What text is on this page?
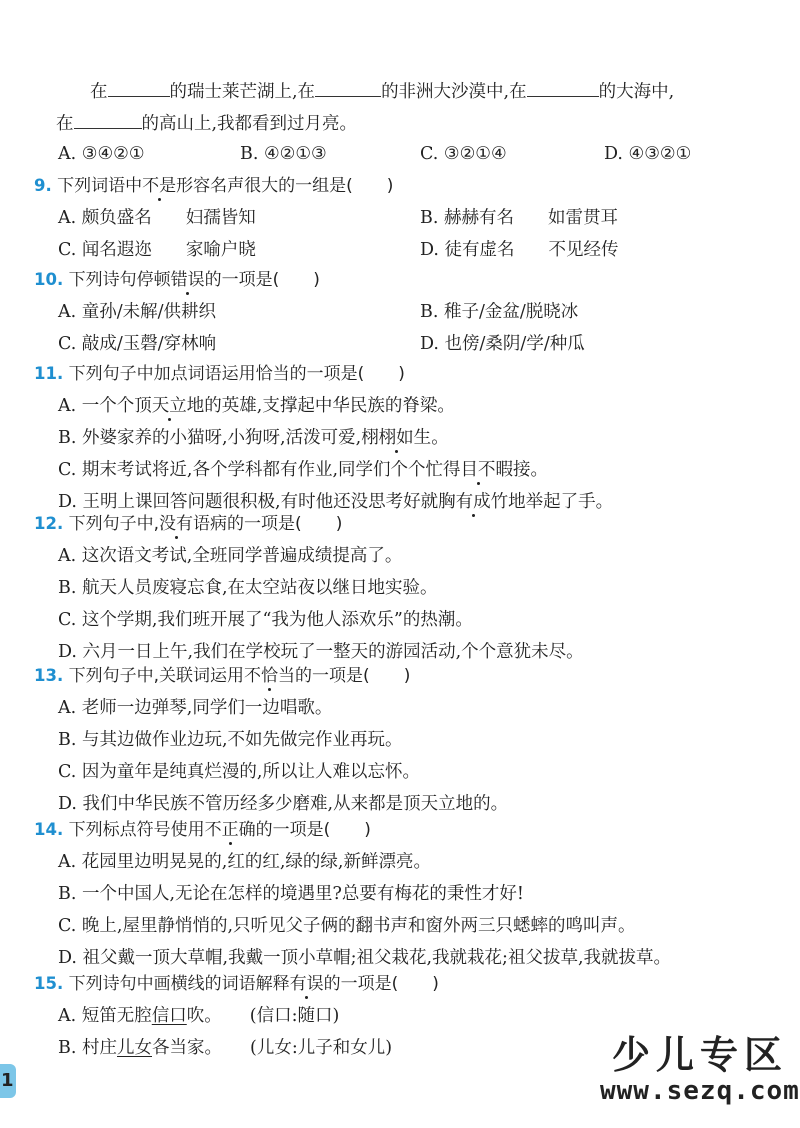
在	的瑞士莱芒湖上,在	的非洲大沙漠中,在	的大海中,
在	的高山上,我都看到过月亮。
A. ③④②①	B. ④②①③	C. ③②①④	D. ④③②①
9. 下列词语中不是形容名声很大的一组是( )
A. 颇负盛名 妇孺皆知	B. 赫赫有名 如雷贯耳
C. 闻名遐迩 家喻户晓	D. 徒有虚名 不见经传
10. 下列诗句停顿错误的一项是( )
A. 童孙/未解/供耕织	B. 稚子/金盆/脱晓冰
C. 敲成/玉磬/穿林响	D. 也傍/桑阴/学/种瓜
11. 下列句子中加点词语运用恰当的一项是( )
A. 一个个顶天立地的英雄,支撑起中华民族的脊梁。
B. 外婆家养的小猫呀,小狗呀,活泼可爱,栩栩如生。
C. 期末考试将近,各个学科都有作业,同学们个个忙得目不暇接。
D. 王明上课回答问题很积极,有时他还没思考好就胸有成竹地举起了手。
12. 下列句子中,没有语病的一项是( )
A. 这次语文考试,全班同学普遍成绩提高了。
B. 航天人员废寝忘食,在太空站夜以继日地实验。
C. 这个学期,我们班开展了“我为他人添欢乐”的热潮。
D. 六月一日上午,我们在学校玩了一整天的游园活动,个个意犹未尽。
13. 下列句子中,关联词运用不恰当的一项是( )
A. 老师一边弹琴,同学们一边唱歌。
B. 与其边做作业边玩,不如先做完作业再玩。
C. 因为童年是纯真烂漫的,所以让人难以忘怀。
D. 我们中华民族不管历经多少磨难,从来都是顶天立地的。
14. 下列标点符号使用不正确的一项是( )
A. 花园里边明晃晃的,红的红,绿的绿,新鲜漂亮。
B. 一个中国人,无论在怎样的境遇里?总要有梅花的秉性才好!
C. 晚上,屋里静悄悄的,只听见父子俩的翻书声和窗外两三只蟋蟀的鸣叫声。
D. 祖父戴一顶大草帽,我戴一顶小草帽;祖父栽花,我就栽花;祖父拔草,我就拔草。
15. 下列诗句中画横线的词语解释有误的一项是( )
A. 短笛无腔信口吹。 (信口:随口)
B. 村庄儿女各当家。 (儿女:儿子和女儿)
1
少儿专区
www.sezq.com
